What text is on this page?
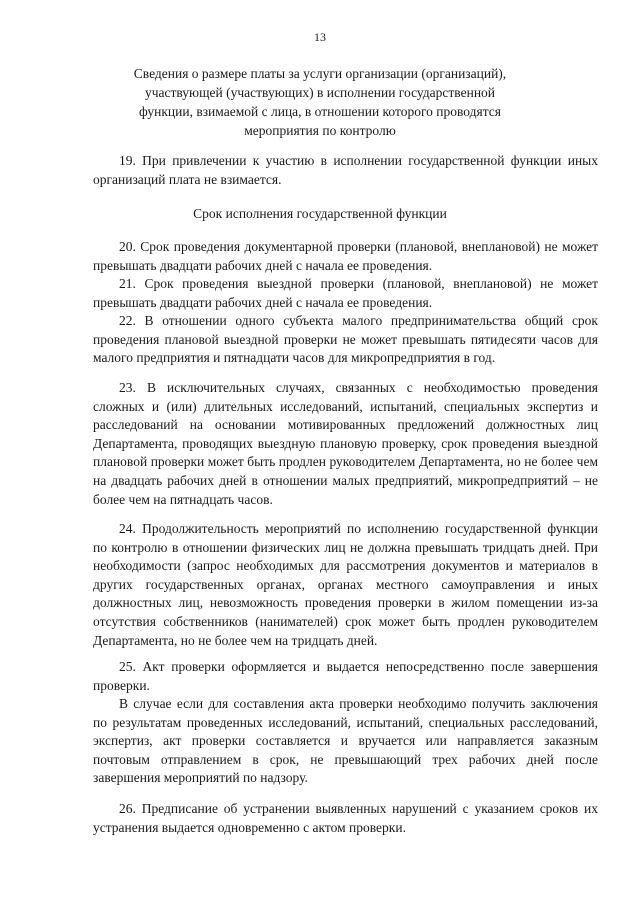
13
Сведения о размере платы за услуги организации (организаций), участвующей (участвующих) в исполнении государственной функции, взимаемой с лица, в отношении которого проводятся мероприятия по контролю
19. При привлечении к участию в исполнении государственной функции иных организаций плата не взимается.
Срок исполнения государственной функции
20. Срок проведения документарной проверки (плановой, внеплановой) не может превышать двадцати рабочих дней с начала ее проведения.
21. Срок проведения выездной проверки (плановой, внеплановой) не может превышать двадцати рабочих дней с начала ее проведения.
22. В отношении одного субъекта малого предпринимательства общий срок проведения плановой выездной проверки не может превышать пятидесяти часов для малого предприятия и пятнадцати часов для микропредприятия в год.
23. В исключительных случаях, связанных с необходимостью проведения сложных и (или) длительных исследований, испытаний, специальных экспертиз и расследований на основании мотивированных предложений должностных лиц Департамента, проводящих выездную плановую проверку, срок проведения выездной плановой проверки может быть продлен руководителем Департамента, но не более чем на двадцать рабочих дней в отношении малых предприятий, микропредприятий – не более чем на пятнадцать часов.
24. Продолжительность мероприятий по исполнению государственной функции по контролю в отношении физических лиц не должна превышать тридцать дней. При необходимости (запрос необходимых для рассмотрения документов и материалов в других государственных органах, органах местного самоуправления и иных должностных лиц, невозможность проведения проверки в жилом помещении из-за отсутствия собственников (нанимателей) срок может быть продлен руководителем Департамента, но не более чем на тридцать дней.
25. Акт проверки оформляется и выдается непосредственно после завершения проверки.
В случае если для составления акта проверки необходимо получить заключения по результатам проведенных исследований, испытаний, специальных расследований, экспертиз, акт проверки составляется и вручается или направляется заказным почтовым отправлением в срок, не превышающий трех рабочих дней после завершения мероприятий по надзору.
26. Предписание об устранении выявленных нарушений с указанием сроков их устранения выдается одновременно с актом проверки.
